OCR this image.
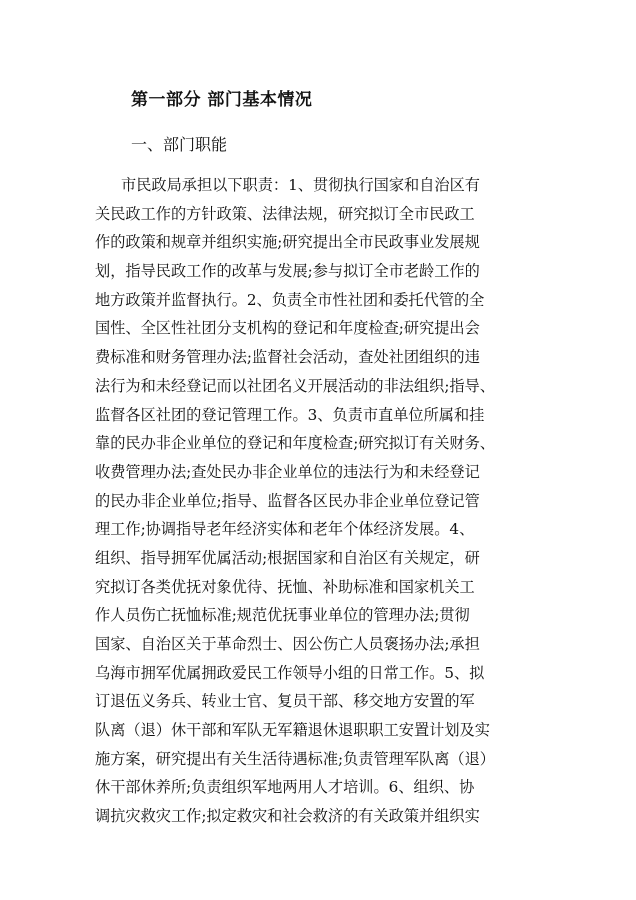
第一部分 部门基本情况
一、部门职能
市民政局承担以下职责：1、贯彻执行国家和自治区有
关民政工作的方针政策、法律法规，研究拟订全市民政工
作的政策和规章并组织实施;研究提出全市民政事业发展规
划，指导民政工作的改革与发展;参与拟订全市老龄工作的
地方政策并监督执行。2、负责全市性社团和委托代管的全
国性、全区性社团分支机构的登记和年度检查;研究提出会
费标准和财务管理办法;监督社会活动，查处社团组织的违
法行为和未经登记而以社团名义开展活动的非法组织;指导、
监督各区社团的登记管理工作。3、负责市直单位所属和挂
靠的民办非企业单位的登记和年度检查;研究拟订有关财务、
收费管理办法;查处民办非企业单位的违法行为和未经登记
的民办非企业单位;指导、监督各区民办非企业单位登记管
理工作;协调指导老年经济实体和老年个体经济发展。4、
组织、指导拥军优属活动;根据国家和自治区有关规定，研
究拟订各类优抚对象优待、抚恤、补助标准和国家机关工
作人员伤亡抚恤标准;规范优抚事业单位的管理办法;贯彻
国家、自治区关于革命烈士、因公伤亡人员褒扬办法;承担
乌海市拥军优属拥政爱民工作领导小组的日常工作。5、拟
订退伍义务兵、转业士官、复员干部、移交地方安置的军
队离（退）休干部和军队无军籍退休退职职工安置计划及实
施方案，研究提出有关生活待遇标准;负责管理军队离（退）
休干部休养所;负责组织军地两用人才培训。6、组织、协
调抗灾救灾工作;拟定救灾和社会救济的有关政策并组织实
